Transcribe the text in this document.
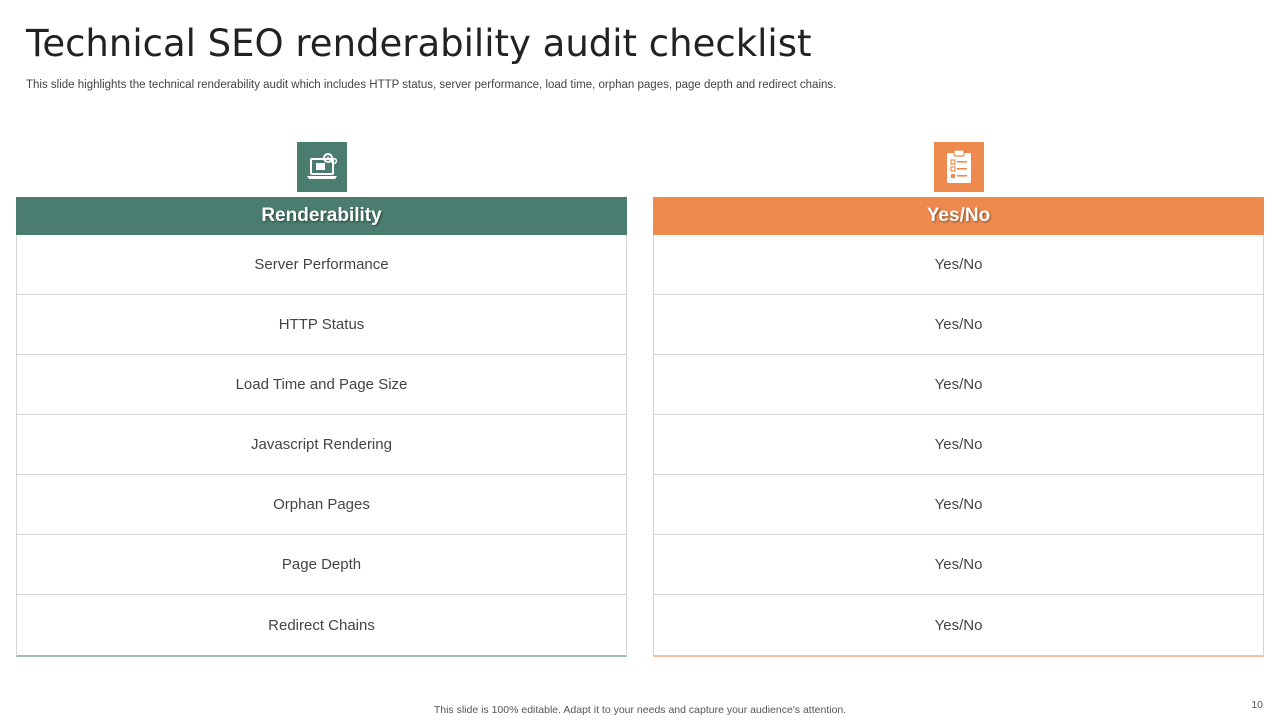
Technical SEO renderability audit checklist

This slide highlights the technical renderability audit which includes HTTP status, server performance, load time, orphan pages, page depth and redirect chains.

Renderability
Server Performance
HTTP Status
Load Time and Page Size
Javascript Rendering
Orphan Pages
Page Depth
Redirect Chains
Yes/No
Yes/No
Yes/No
Yes/No
Yes/No
Yes/No
Yes/No
Yes/No
This slide is 100% editable. Adapt it to your needs and capture your audience's attention.	10
